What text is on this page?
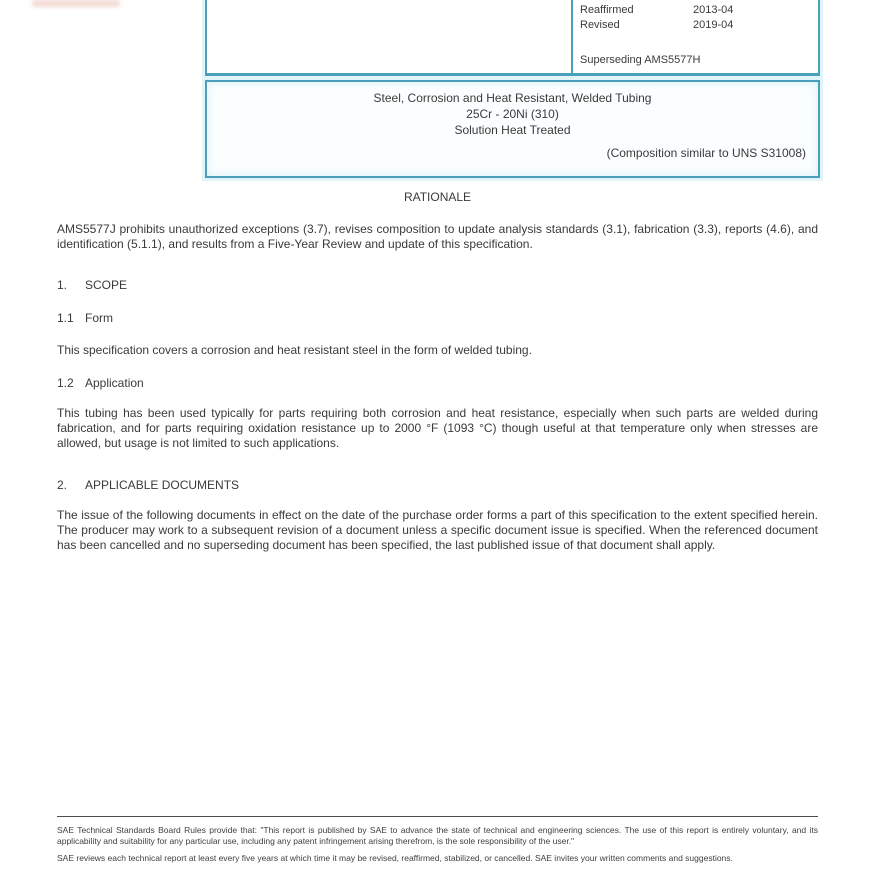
Reaffirmed	2013-04
Revised	2019-04
Superseding AMS5577H
Steel, Corrosion and Heat Resistant, Welded Tubing
25Cr - 20Ni (310)
Solution Heat Treated
(Composition similar to UNS S31008)
RATIONALE

AMS5577J prohibits unauthorized exceptions (3.7), revises composition to update analysis standards (3.1), fabrication (3.3), reports (4.6), and identification (5.1.1), and results from a Five-Year Review and update of this specification.

1. SCOPE
1.1 Form

This specification covers a corrosion and heat resistant steel in the form of welded tubing.

1.2 Application

This tubing has been used typically for parts requiring both corrosion and heat resistance, especially when such parts are welded during fabrication, and for parts requiring oxidation resistance up to 2000 °F (1093 °C) though useful at that temperature only when stresses are allowed, but usage is not limited to such applications.

2. APPLICABLE DOCUMENTS

The issue of the following documents in effect on the date of the purchase order forms a part of this specification to the extent specified herein. The producer may work to a subsequent revision of a document unless a specific document issue is specified. When the referenced document has been cancelled and no superseding document has been specified, the last published issue of that document shall apply.

SAE Technical Standards Board Rules provide that: "This report is published by SAE to advance the state of technical and engineering sciences. The use of this report is entirely voluntary, and its applicability and suitability for any particular use, including any patent infringement arising therefrom, is the sole responsibility of the user."

SAE reviews each technical report at least every five years at which time it may be revised, reaffirmed, stabilized, or cancelled. SAE invites your written comments and suggestions.
